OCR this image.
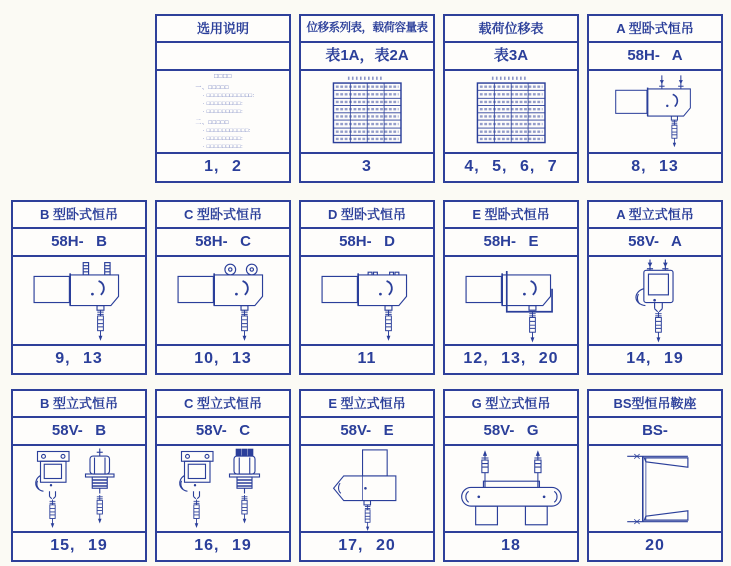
选用说明
□□□□
一、□□□□□
· □□□□□□□□□□□□:
· □□□□□□□□□:
· □□□□□□□□□:
二、□□□□□
· □□□□□□□□□□□:
· □□□□□□□□□:
· □□□□□□□□□:
1, 2
位移系列表，载荷容量表
表1A，表2A
3
载荷位移表
表3A
4, 5, 6, 7
A 型卧式恒吊
58H-   A
8, 13
B 型卧式恒吊
58H-   B
9, 13
C 型卧式恒吊
58H-   C
10, 13
D 型卧式恒吊
58H-   D
11
E 型卧式恒吊
58H-   E
12, 13, 20
A 型立式恒吊
58V-   A
14, 19
B 型立式恒吊
58V-   B
15, 19
C 型立式恒吊
58V-   C
16, 19
E 型立式恒吊
58V-   E
17, 20
G 型立式恒吊
58V-   G
18
BS型恒吊鞍座
BS-
20
